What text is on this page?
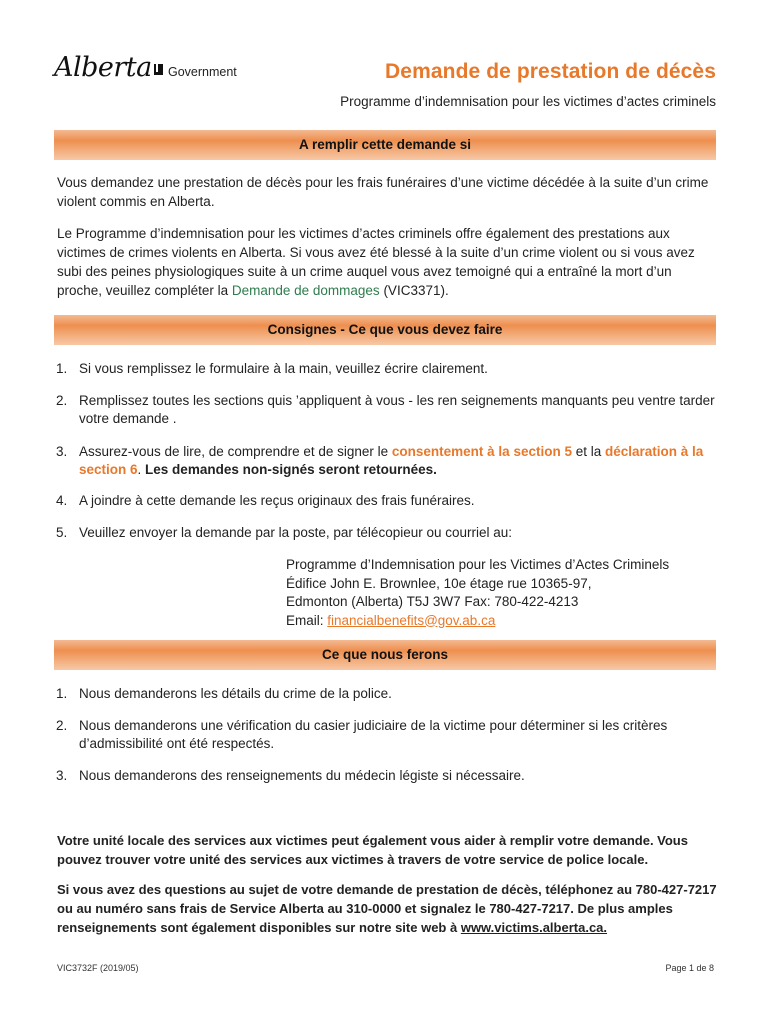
Alberta Government	Demande de prestation de décès
Programme d’indemnisation pour les victimes d’actes criminels
A remplir cette demande si
Vous demandez une prestation de décès pour les frais funéraires d’une victime décédée à la suite d’un crime violent commis en Alberta.
Le Programme d’indemnisation pour les victimes d’actes criminels offre également des prestations aux victimes de crimes violents en Alberta. Si vous avez été blessé à la suite d’un crime violent ou si vous avez subi des peines physiologiques suite à un crime auquel vous avez temoigné qui a entraîné la mort d’un proche, veuillez compléter la Demande de dommages (VIC3371).
Consignes - Ce que vous devez faire
1. Si vous remplissez le formulaire à la main, veuillez écrire clairement.
2. Remplissez toutes les sections quis ’appliquent à vous - les ren seignements manquants peu ventre tarder votre demande .
3. Assurez-vous de lire, de comprendre et de signer le consentement à la section 5 et la déclaration à la section 6. Les demandes non-signés seront retournées.
4. A joindre à cette demande les reçus originaux des frais funéraires.
5. Veuillez envoyer la demande par la poste, par télécopieur ou courriel au:
Programme d’Indemnisation pour les Victimes d’Actes Criminels
Édifice John E. Brownlee, 10e étage rue 10365-97,
Edmonton (Alberta) T5J 3W7 Fax: 780-422-4213
Email: financialbenefits@gov.ab.ca
Ce que nous ferons
1. Nous demanderons les détails du crime de la police.
2. Nous demanderons une vérification du casier judiciaire de la victime pour déterminer si les critères d’admissibilité ont été respectés.
3. Nous demanderons des renseignements du médecin légiste si nécessaire.
Votre unité locale des services aux victimes peut également vous aider à remplir votre demande. Vous pouvez trouver votre unité des services aux victimes à travers de votre service de police locale.
Si vous avez des questions au sujet de votre demande de prestation de décès, téléphonez au 780-427-7217 ou au numéro sans frais de Service Alberta au 310-0000 et signalez le 780-427-7217. De plus amples renseignements sont également disponibles sur notre site web à www.victims.alberta.ca.
VIC3732F (2019/05)	Page 1 de 8
